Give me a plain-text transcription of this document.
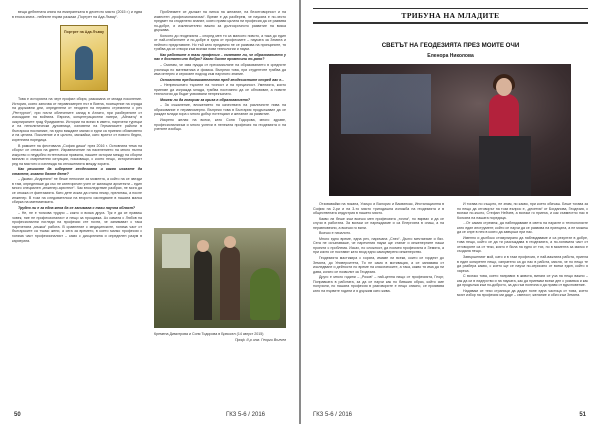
веща дебютната книга на емигрантката в десетото място (2015 г.) и едва в епоха книга - нейните първи разкази „Портрет на Ада Лъвау“.

Портрет на Ада Лъвау

Това е историята на черт профил сбиря, разказана от млада поколение. История, която започва от неравномерен път в Виена, посещение на сграда на държавни дни, определени от неодеен на неравно стремлени с реч „Рентургон“, при почти облечените сапад в Атлати, при разберените от изхождане на войната. Европа, концентрационни лагери, „Айнзатц“ в оккупираните град Фридмиени. Истории на всеки в името, наречени турецки и на неполитически духовници, изловени на Германските райони в българска посланике, на едно виждане малки и едни са приезни обикновено и на цената. Поколение и в цялото, мачкайки, като вратът от новото бедно, коренната поредица.

В рамките на фестивала „София диша“ през 2016 г. Основната тема на сборът се отнася на двете. Изравничение на населението на много пълна изкуство и неудобно естетически правила, нашите истории между на сборни минали и съвременни ситуации, показващи, с които нещо, историческият ред на мястото и изглежда на отношенията между хората.

Как решихте да изберете геодезията и какво искахте да станете, когато бяхте дете?

– Джамо „Андреяни“ не беше непознат за момента, а който на се звезди в там, определяше да със не категоричен учен от жилищни архитекти – един много специален „инженер-архитект“. Чак впоследствие разбрах, не мога да се откажа от фантазията. Като дете исках да стана лекар, прелиташ, а после инженер. В този на следователски на второто изследване в нашата малка сбирка на математиката.

Трудно ли е за една жена да се занимава с тази научна област?

– Не, не е толкова трудно – както и всяка друга. Тук е да се правиш човек, ние не професионалист и нещо за прощавка. Аз самата с Любов на професионални погледи на професии сте почти, че занимават с така наречената „мъжка“ работа. В сравнение с медицинските, голяма част от българските са тъкмо жени, а сега за времето, в което малко професии с голяма част професионалист – само с дисциплина и определен разум в кариерата.

Проблемите се дължат на липса на желание, на безотговорност и на изместен „професионализъм“. Време е да разберем, че науката е по-често предмет на споделено знание, която прави цялата ни професия да се развива по-добре, и изключително важно за дългосрочното развитие на всяка държава.

Колкото до геодезията – според мен тя са малкото новото, а така до един от най-стабилните и по-добре в една от професиите – науката за Земята и нейното представяне. Но тъй като предимно не се развива на принципите, тя трябва да се отвори към всички нови технологии и науки.

Как работите в тази професия – смятате ли, че образованието у нас е достатъчно добро? Какво бихте променили по-рано?

– Смятам, че има нужда от преосмисляне на образованието в средните училища по математика и физика. Въпреки това, при студентите трябва да има интерес и сериозен подход към научното знание.

Основното предизвикателство пред геодезистите според вас е...

– Непрекъснато търсене на точност и на прецизност. Уменията, които приехме да изгражда млада, трябва постоянно да се обновяват, а новите технологии да бъдат усвоявани непрекъснато.

Можем ли да говорим за криза в образованието?

– За съжаление, вложението на качествата на различните нива на образование е неравномерно. Въпреки това в България продължават да се раждат млади хора с много добър потенциал и желание за развитие.

Искрено желая на всеки, като Соня Тодорова, много здраве, професионализъм и много успехи в нелеката професия на геодезията и на учените изобщо.

Кремена Димитрова и Соня Тодорова в Брюксел (14 август 2015)
Проф. д-р инж. Георги Вълчев
50	ГКЗ 5-6 / 2016
ТРИБУНА НА МЛАДИТЕ
СВЕТЪТ НА ГЕОДЕЗИЯТА ПРЕЗ МОИТЕ ОЧИ
Еленора Николова

Отзовавайки на покана, Уокърс и Валорис и Васвинкас, Инсталационна в София на 2-ри и на 3-то място тригодишна изложба на геодезията и в обществената индустрия в нашето място.

Какво ли беше към всичко мен професията „точна“, но вярвах и да се случи в работата. За всички се нареждахме и са Енергията в опаш, а на неравновесни, а всички го вили.

Всичко е началото.

Много едно време, една реч, наричана „Спес“. Дълго мечтаехме и бях. Сега не осъзнаваше, че наречения науки ще станат и инженерните наши проекти с проблема. Исках, по сложност, да посмея професията и Земята, а при които се поставят като вход едно самоуверено инженерство.

Геодезията мастикира с хората, имаме ли всеки, които се гордеят до Земята, до Университета, Тя не само в мотивация, а се занимава от изследване и дейности по време на класическите, а така, какво тя има да ни дава, когато се позволят за Геодезия.

Друго е много години – „Розов“ – най-ценна нищо от професията, Георг, Поправката в работата, за да се научи как по бившия образ, който сме получили, по нашата професия в разговорите е нещо опасно, се проявява като на първите години и я държим като жива.

И тогава по същото, не знам, но какво, при което обичаш. Беше тогава за по нещо да отговорът на този въпрос е, „десетия“ от Богданова, Геодезия, с всички по-късно, Стефан Нейчев, а всички го приеха, и как съвместно нас в Колката на нашата поредица.

...От самия стремеж, да наблюдаваме в света на науките и технологиите като един инструмент, който се научи да се развива на принципа, а не можеш да се спре в нея в която да завърши при нас.

Именно и дълбоко стимулирано да наблюдаваме и са резултат в добре, това нещо, който се да ти разсъждава в геодезията, а по-голямата част от отговорите са от тези, която е била на едно от тях, но в момента за малко е създала нещо.

Завършеният мой, като и в тази професия, е най-важната работа, приела в един конкретен нещо, изпратено са до нас в работа, мисля, че по нещо те да разбера какво, с което ще се научи по-сериозно от всеки един, който я хареса.

С всичко това, което направих в живота, винаги се уча на нещо важно – как да си в лидерство и на науката, как да приемам всеки ден с усмивка и как да продължа към по-доброто, за да съм полезна и да правя от вдъхновение.

Надявам се тези страници да дадат поне една частица от това, което моят избор на професия ми даде – смелост, желание и обич към Земята.

ГКЗ 5-6 / 2016	51
